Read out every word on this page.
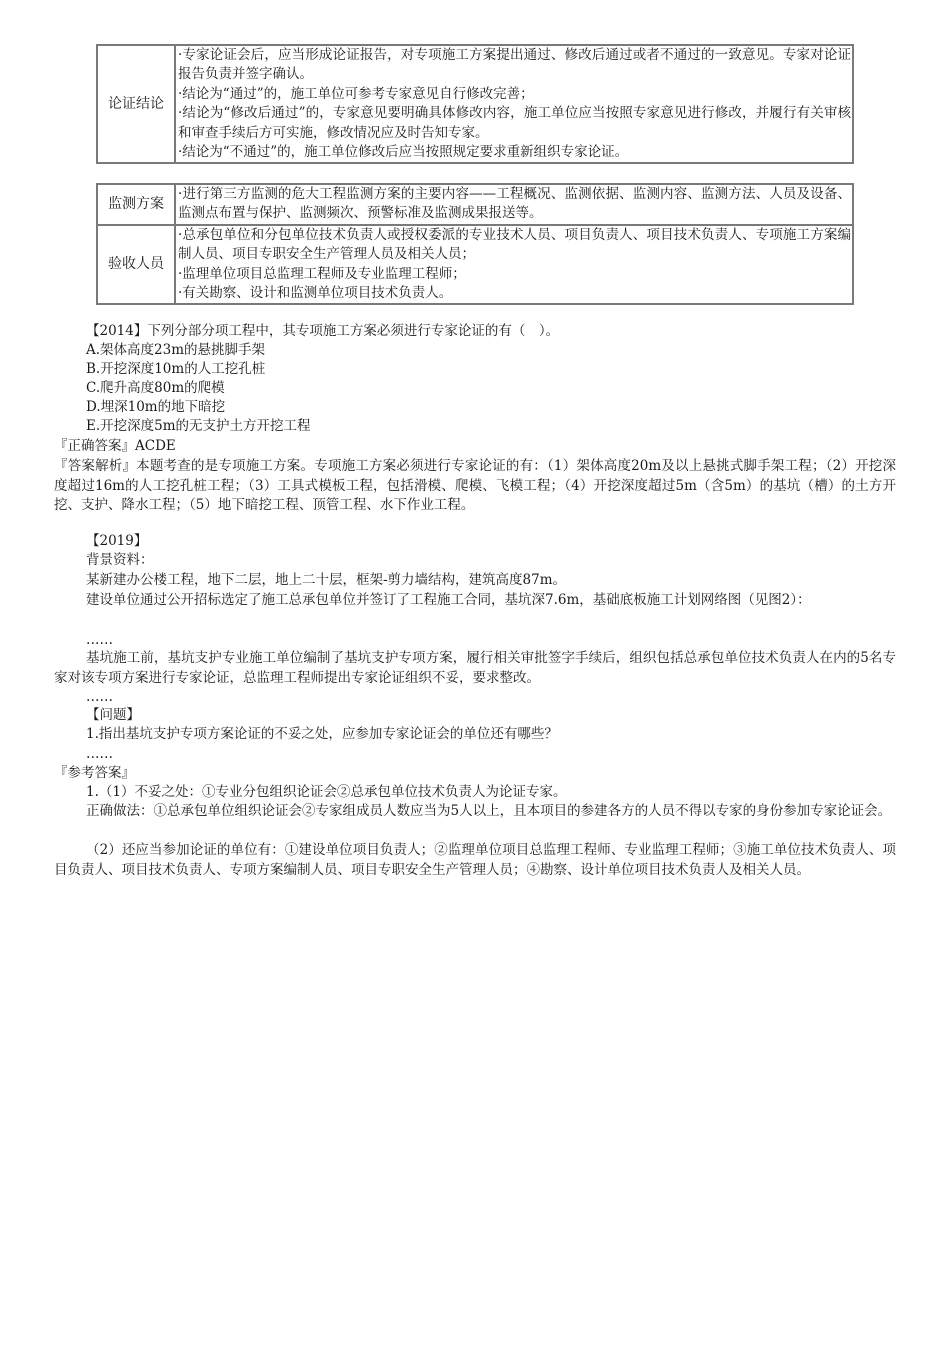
论证结论	
·专家论证会后，应当形成论证报告，对专项施工方案提出通过、修改后通过或者不通过的一致意见。专家对论证报告负责并签字确认。
·结论为“通过”的，施工单位可参考专家意见自行修改完善；
·结论为“修改后通过”的，专家意见要明确具体修改内容，施工单位应当按照专家意见进行修改，并履行有关审核和审查手续后方可实施，修改情况应及时告知专家。
·结论为“不通过”的，施工单位修改后应当按照规定要求重新组织专家论证。
监测方案	·进行第三方监测的危大工程监测方案的主要内容——工程概况、监测依据、监测内容、监测方法、人员及设备、监测点布置与保护、监测频次、预警标准及监测成果报送等。

验收人员	·总承包单位和分包单位技术负责人或授权委派的专业技术人员、项目负责人、项目技术负责人、专项施工方案编制人员、项目专职安全生产管理人员及相关人员；
·监理单位项目总监理工程师及专业监理工程师；
·有关勘察、设计和监测单位项目技术负责人。
【2014】下列分部分项工程中，其专项施工方案必须进行专家论证的有（　）。
A.架体高度23m的悬挑脚手架
B.开挖深度10m的人工挖孔桩
C.爬升高度80m的爬模
D.埋深10m的地下暗挖
E.开挖深度5m的无支护土方开挖工程
『正确答案』ACDE
『答案解析』本题考查的是专项施工方案。专项施工方案必须进行专家论证的有：（1）架体高度20m及以上悬挑式脚手架工程；（2）开挖深度超过16m的人工挖孔桩工程；（3）工具式模板工程，包括滑模、爬模、飞模工程；（4）开挖深度超过5m（含5m）的基坑（槽）的土方开挖、支护、降水工程；（5）地下暗挖工程、顶管工程、水下作业工程。
【2019】
背景资料：
某新建办公楼工程，地下二层，地上二十层，框架-剪力墙结构，建筑高度87m。
建设单位通过公开招标选定了施工总承包单位并签订了工程施工合同，基坑深7.6m，基础底板施工计划网络图（见图2）：
……
基坑施工前，基坑支护专业施工单位编制了基坑支护专项方案，履行相关审批签字手续后，组织包括总承包单位技术负责人在内的5名专家对该专项方案进行专家论证，总监理工程师提出专家论证组织不妥，要求整改。
……
【问题】
1.指出基坑支护专项方案论证的不妥之处，应参加专家论证会的单位还有哪些？
……
『参考答案』
1.（1）不妥之处：①专业分包组织论证会②总承包单位技术负责人为论证专家。
正确做法：①总承包单位组织论证会②专家组成员人数应当为5人以上，且本项目的参建各方的人员不得以专家的身份参加专家论证会。
（2）还应当参加论证的单位有：①建设单位项目负责人；②监理单位项目总监理工程师、专业监理工程师；③施工单位技术负责人、项目负责人、项目技术负责人、专项方案编制人员、项目专职安全生产管理人员；④勘察、设计单位项目技术负责人及相关人员。
